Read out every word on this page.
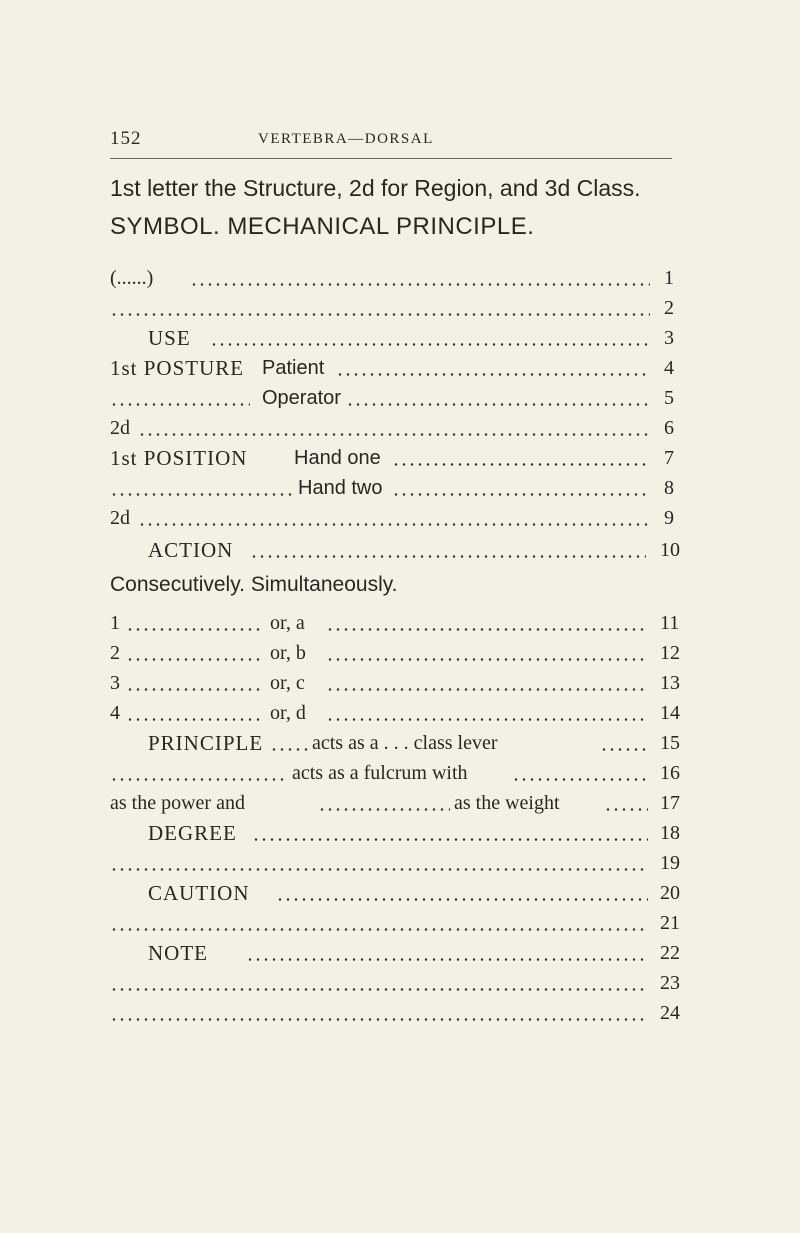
152	VERTEBRA—DORSAL
1st letter the Structure, 2d for Region, and 3d Class.
SYMBOL. MECHANICAL PRINCIPLE.
(......)	1
2
USE	3
1st POSTURE Patient	4
Operator	5
2d	6
1st POSITION Hand one	7
Hand two	8
2d	9
ACTION	10
Consecutively. Simultaneously.
1	or, a	11
2	or, b	12
3	or, c	13
4	or, d	14
PRINCIPLE acts as a . . . class lever	15
acts as a fulcrum with	16
as the power and	as the weight	17
DEGREE	18
19
CAUTION	20
21
NOTE	22
23
24
